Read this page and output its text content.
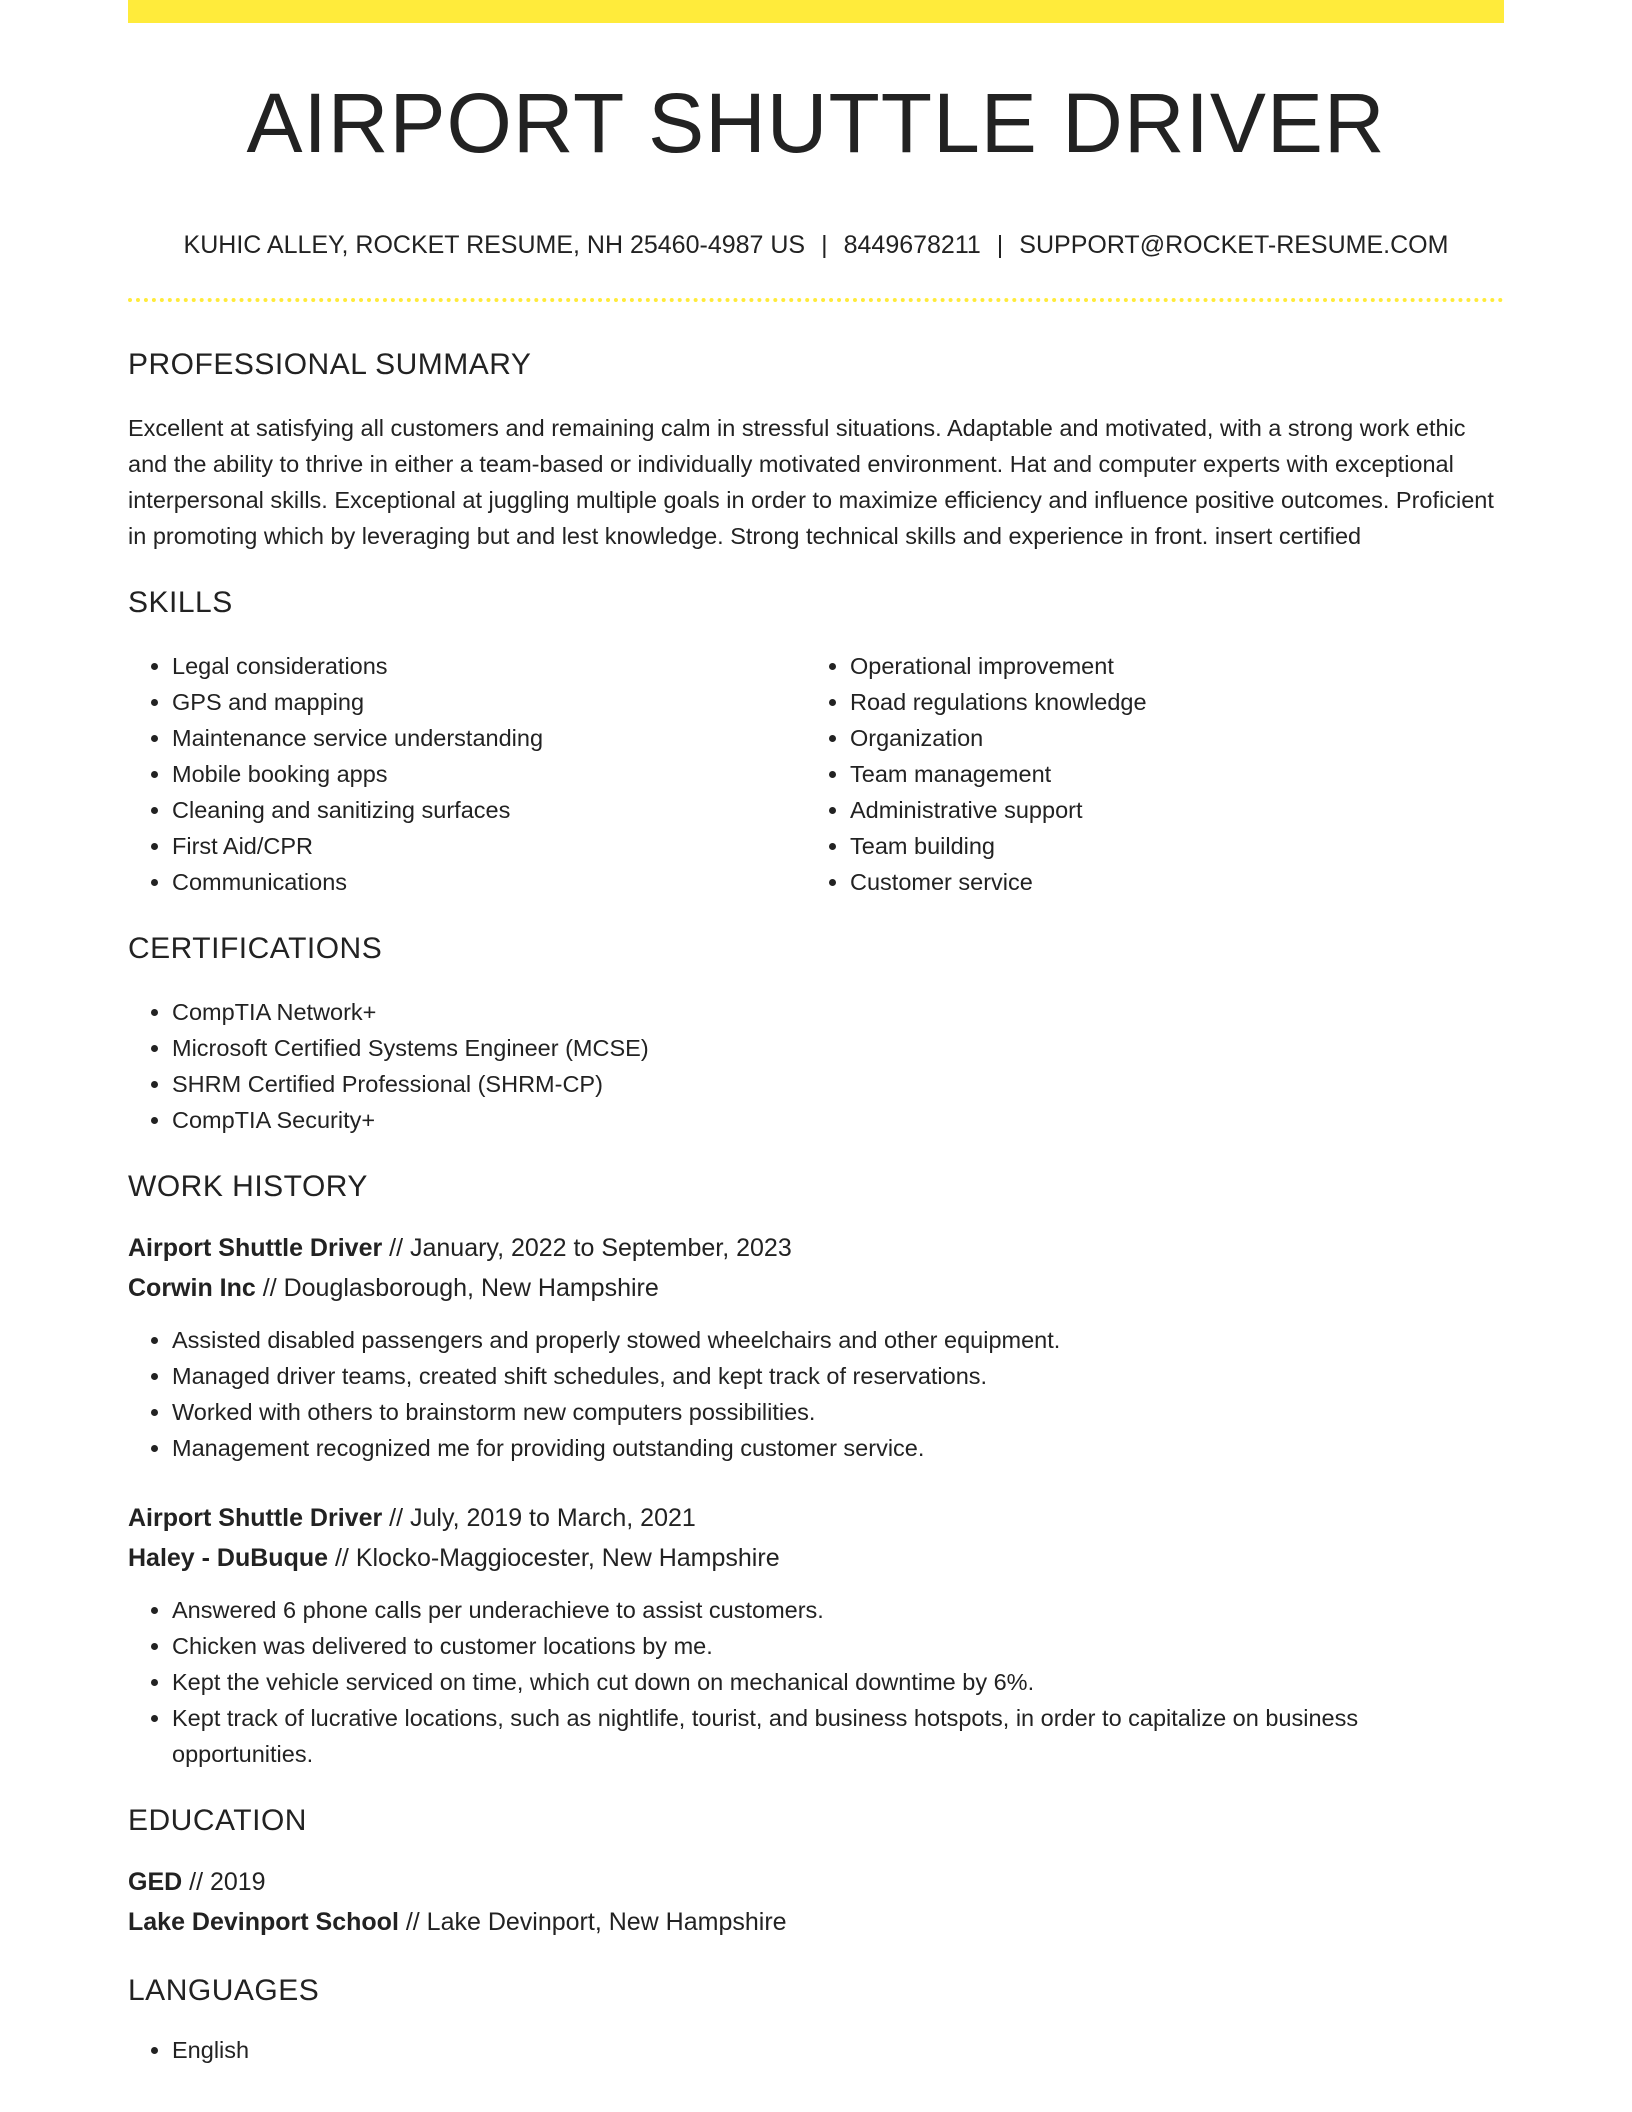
AIRPORT SHUTTLE DRIVER
KUHIC ALLEY, ROCKET RESUME, NH 25460-4987 US | 8449678211 | SUPPORT@ROCKET-RESUME.COM
PROFESSIONAL SUMMARY

Excellent at satisfying all customers and remaining calm in stressful situations. Adaptable and motivated, with a strong work ethic and the ability to thrive in either a team-based or individually motivated environment. Hat and computer experts with exceptional interpersonal skills. Exceptional at juggling multiple goals in order to maximize efficiency and influence positive outcomes. Proficient in promoting which by leveraging but and lest knowledge. Strong technical skills and experience in front. insert certified

SKILLS
• Legal considerations
• GPS and mapping
• Maintenance service understanding
• Mobile booking apps
• Cleaning and sanitizing surfaces
• First Aid/CPR
• Communications
• Operational improvement
• Road regulations knowledge
• Organization
• Team management
• Administrative support
• Team building
• Customer service
CERTIFICATIONS
• CompTIA Network+
• Microsoft Certified Systems Engineer (MCSE)
• SHRM Certified Professional (SHRM-CP)
• CompTIA Security+
WORK HISTORY
Airport Shuttle Driver // January, 2022 to September, 2023
Corwin Inc // Douglasborough, New Hampshire
• Assisted disabled passengers and properly stowed wheelchairs and other equipment.
• Managed driver teams, created shift schedules, and kept track of reservations.
• Worked with others to brainstorm new computers possibilities.
• Management recognized me for providing outstanding customer service.
Airport Shuttle Driver // July, 2019 to March, 2021
Haley - DuBuque // Klocko-Maggiocester, New Hampshire
• Answered 6 phone calls per underachieve to assist customers.
• Chicken was delivered to customer locations by me.
• Kept the vehicle serviced on time, which cut down on mechanical downtime by 6%.
• Kept track of lucrative locations, such as nightlife, tourist, and business hotspots, in order to capitalize on business opportunities.
EDUCATION
GED // 2019
Lake Devinport School // Lake Devinport, New Hampshire
LANGUAGES
• English
